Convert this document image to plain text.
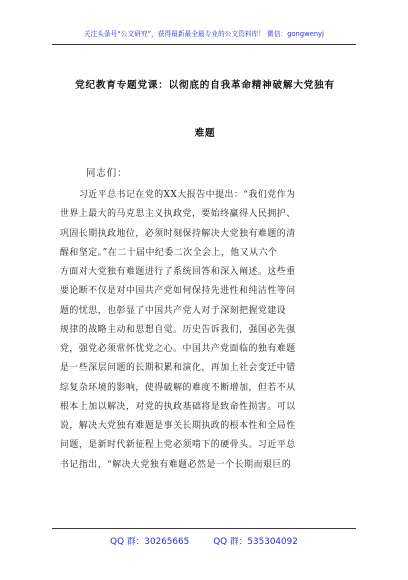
关注头条号“公文研究”，获得最新最全最专业的公文资料库！ 微信：gongwenyj
党纪教育专题党课：以彻底的自我革命精神破解大党独有
难题
同志们：
　　习近平总书记在党的XX大报告中提出：“我们党作为
世界上最大的马克思主义执政党，要始终赢得人民拥护、
巩固长期执政地位，必须时刻保持解决大党独有难题的清
醒和坚定。”在二十届中纪委二次全会上，他又从六个
方面对大党独有难题进行了系统回答和深入阐述。这些重
要论断不仅是对中国共产党如何保持先进性和纯洁性等问
题的忧思，也彰显了中国共产党人对于深刻把握党建设
规律的战略主动和思想自觉。历史告诉我们，强国必先强
党，强党必须常怀忧党之心。中国共产党面临的独有难题
是一些深层问题的长期积累和演化，再加上社会变迁中错
综复杂环境的影响，使得破解的难度不断增加，但若不从
根本上加以解决，对党的执政基础将是致命性损害。可以
说，解决大党独有难题是事关长期执政的根本性和全局性
问题，是新时代新征程上党必须啃下的硬骨头。习近平总
书记指出，“解决大党独有难题必然是一个长期而艰巨的
QQ 群：30265665	QQ 群：535304092
